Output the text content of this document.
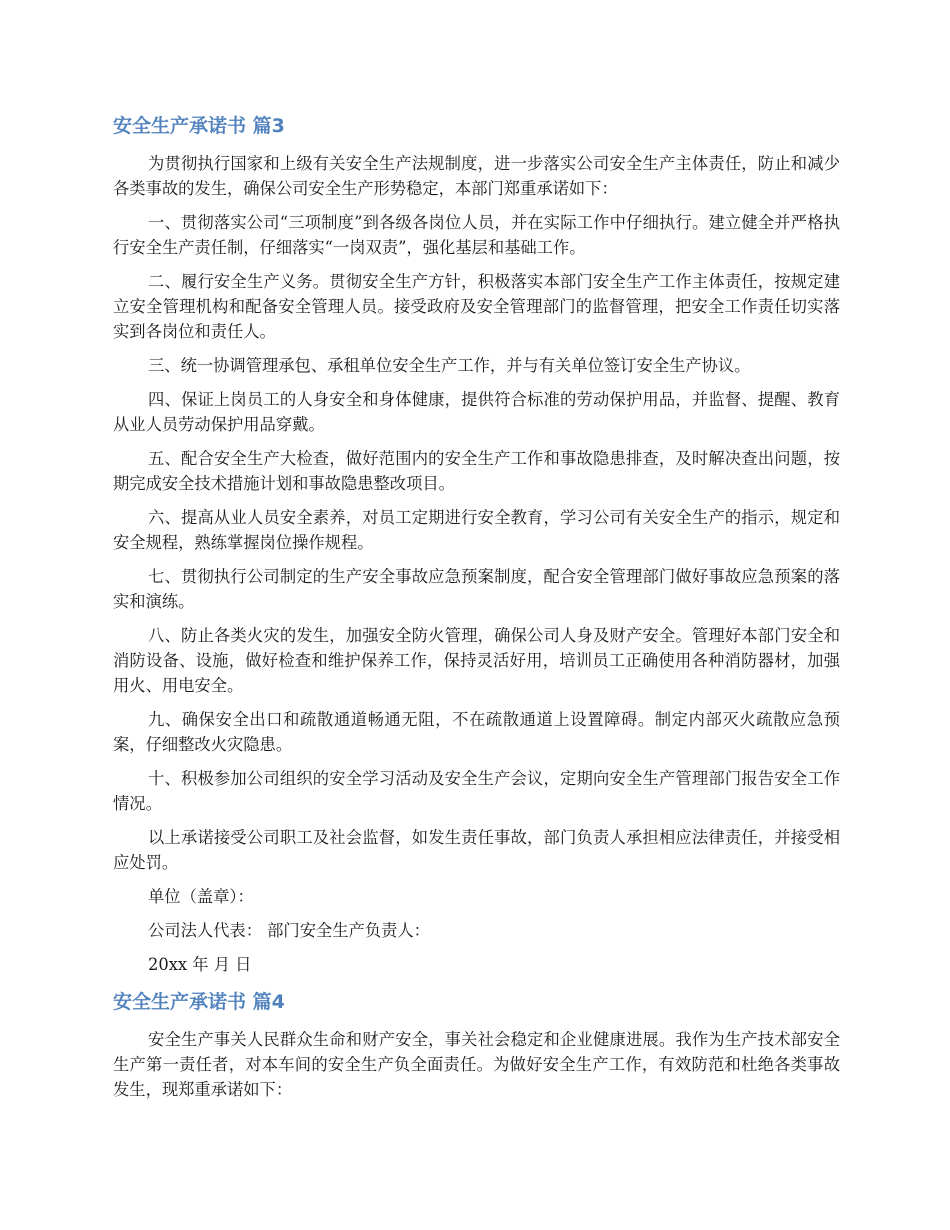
安全生产承诺书 篇3

为贯彻执行国家和上级有关安全生产法规制度，进一步落实公司安全生产主体责任，防止和减少各类事故的发生，确保公司安全生产形势稳定，本部门郑重承诺如下：

一、贯彻落实公司“三项制度”到各级各岗位人员，并在实际工作中仔细执行。建立健全并严格执行安全生产责任制，仔细落实“一岗双责”，强化基层和基础工作。

二、履行安全生产义务。贯彻安全生产方针，积极落实本部门安全生产工作主体责任，按规定建立安全管理机构和配备安全管理人员。接受政府及安全管理部门的监督管理，把安全工作责任切实落实到各岗位和责任人。

三、统一协调管理承包、承租单位安全生产工作，并与有关单位签订安全生产协议。

四、保证上岗员工的人身安全和身体健康，提供符合标准的劳动保护用品，并监督、提醒、教育从业人员劳动保护用品穿戴。

五、配合安全生产大检查，做好范围内的安全生产工作和事故隐患排查，及时解决查出问题，按期完成安全技术措施计划和事故隐患整改项目。

六、提高从业人员安全素养，对员工定期进行安全教育，学习公司有关安全生产的指示，规定和安全规程，熟练掌握岗位操作规程。

七、贯彻执行公司制定的生产安全事故应急预案制度，配合安全管理部门做好事故应急预案的落实和演练。

八、防止各类火灾的发生，加强安全防火管理，确保公司人身及财产安全。管理好本部门安全和消防设备、设施，做好检查和维护保养工作，保持灵活好用，培训员工正确使用各种消防器材，加强用火、用电安全。

九、确保安全出口和疏散通道畅通无阻，不在疏散通道上设置障碍。制定内部灭火疏散应急预案，仔细整改火灾隐患。

十、积极参加公司组织的安全学习活动及安全生产会议，定期向安全生产管理部门报告安全工作情况。

以上承诺接受公司职工及社会监督，如发生责任事故，部门负责人承担相应法律责任，并接受相应处罚。

单位（盖章）：

公司法人代表： 部门安全生产负责人：

20xx 年 月 日

安全生产承诺书 篇4

安全生产事关人民群众生命和财产安全，事关社会稳定和企业健康进展。我作为生产技术部安全生产第一责任者，对本车间的安全生产负全面责任。为做好安全生产工作，有效防范和杜绝各类事故发生，现郑重承诺如下：
